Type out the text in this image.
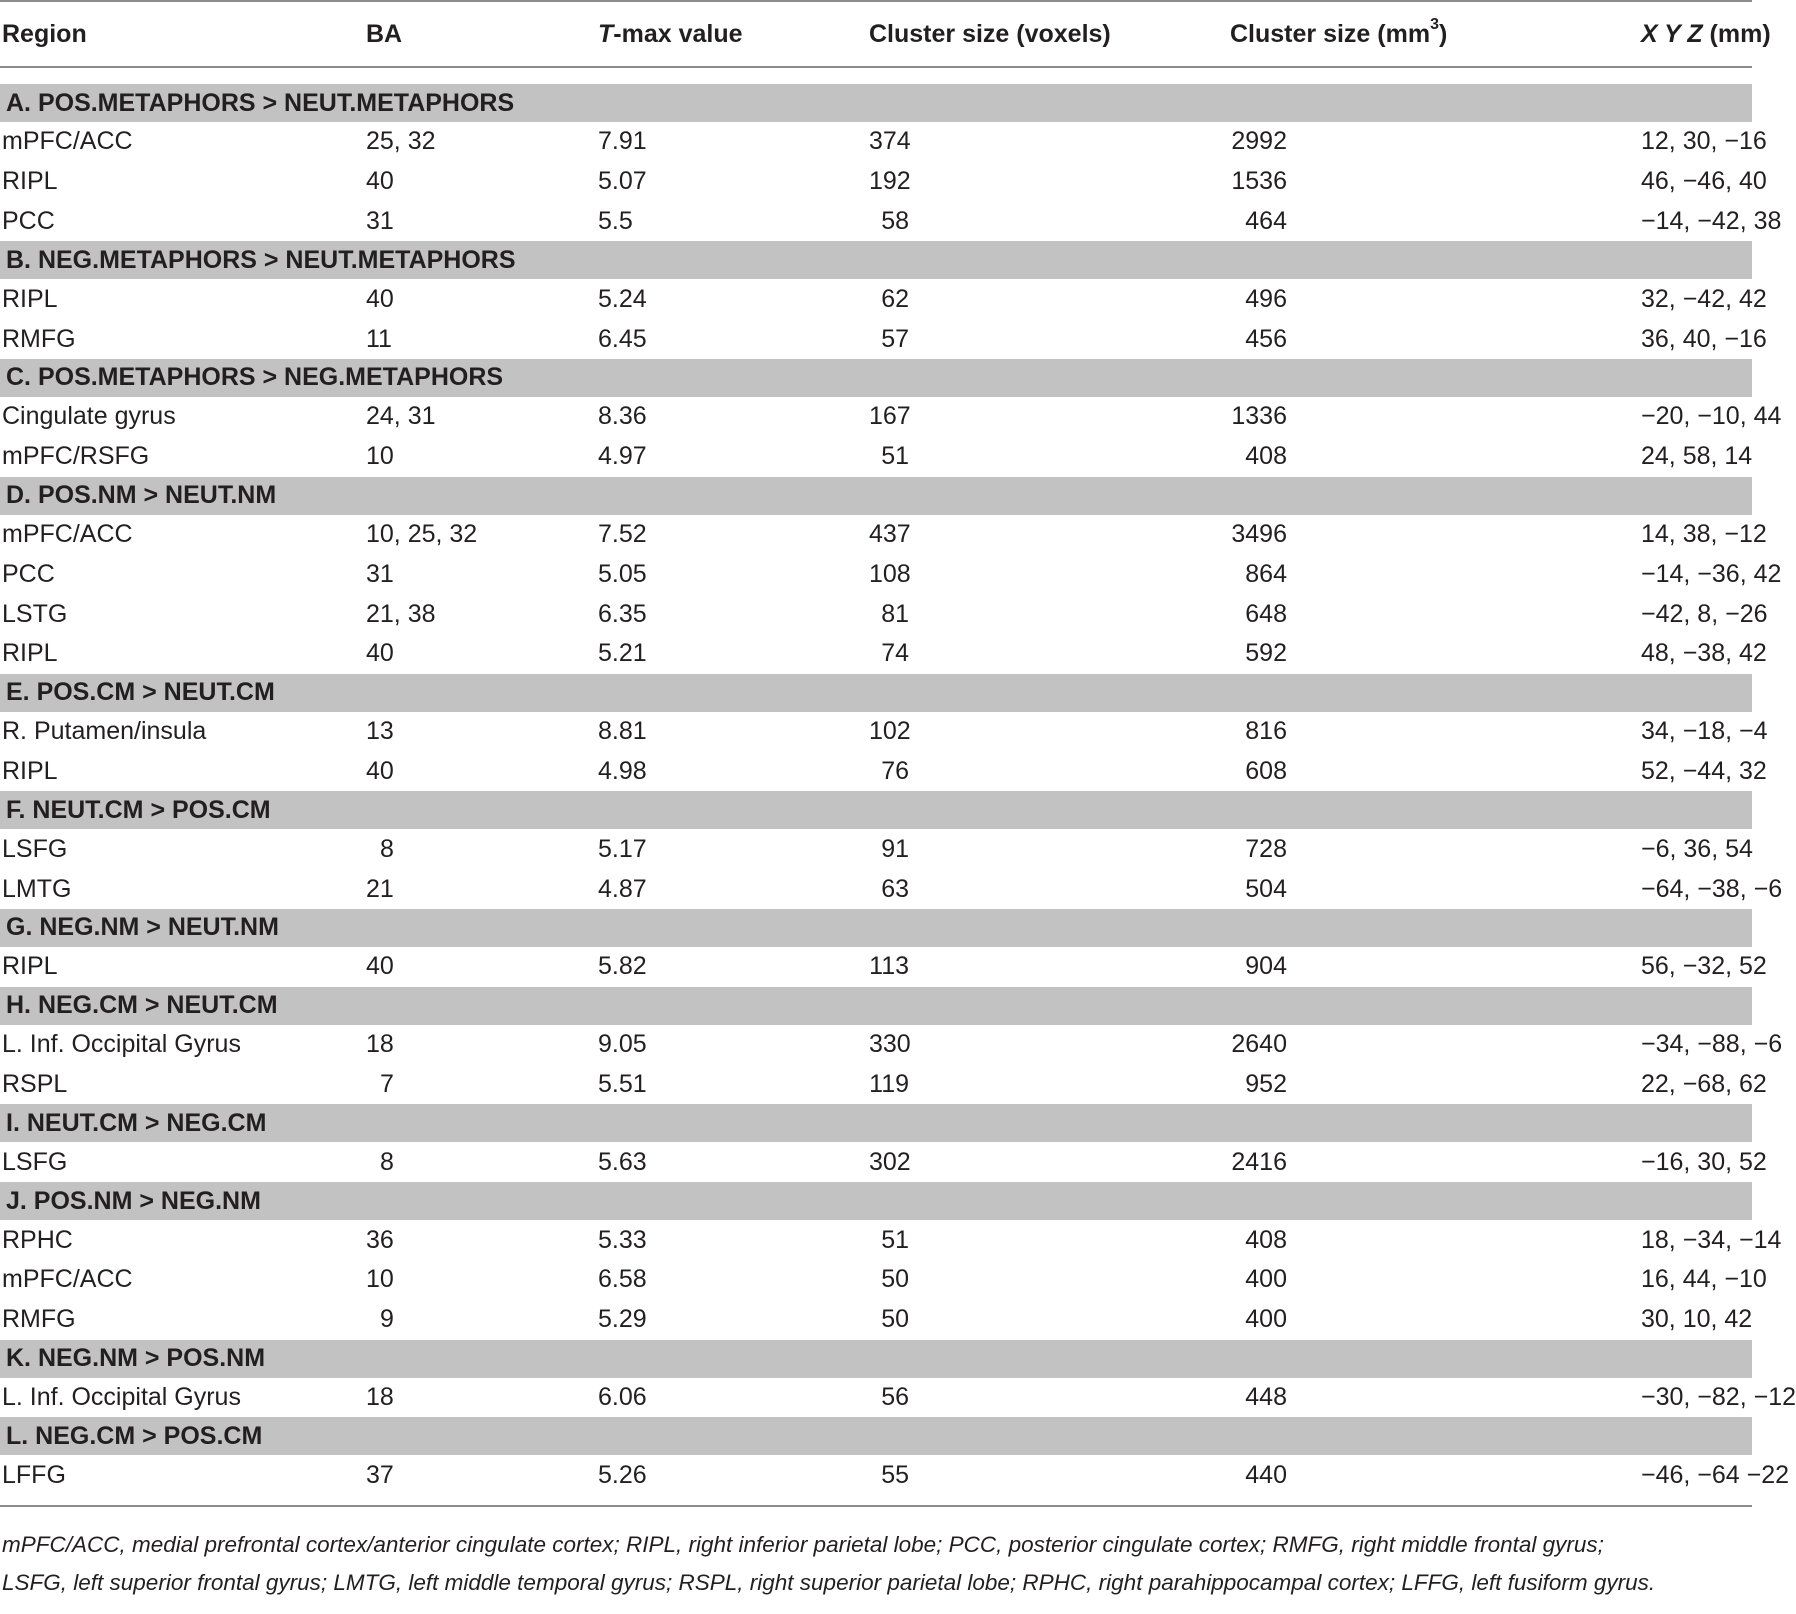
Region	BA	T-max value	Cluster size (voxels)	Cluster size $(mm^3)$	X Y Z (mm)

A. POS.METAPHORS > NEUT.METAPHORS					
mPFC/ACC	25, 32	7.91	374	2992	12, 30, −16
RIPL	40	5.07	192	1536	46, −46, 40
PCC	31	5.5	58	464	−14, −42, 38
B. NEG.METAPHORS > NEUT.METAPHORS					
RIPL	40	5.24	62	496	32, −42, 42
RMFG	11	6.45	57	456	36, 40, −16
C. POS.METAPHORS > NEG.METAPHORS					
Cingulate gyrus	24, 31	8.36	167	1336	−20, −10, 44
mPFC/RSFG	10	4.97	51	408	24, 58, 14
D. POS.NM > NEUT.NM					
mPFC/ACC	10, 25, 32	7.52	437	3496	14, 38, −12
PCC	31	5.05	108	864	−14, −36, 42
LSTG	21, 38	6.35	81	648	−42, 8, −26
RIPL	40	5.21	74	592	48, −38, 42
E. POS.CM > NEUT.CM					
R. Putamen/insula	13	8.81	102	816	34, −18, −4
RIPL	40	4.98	76	608	52, −44, 32
F. NEUT.CM > POS.CM					
LSFG	8	5.17	91	728	−6, 36, 54
LMTG	21	4.87	63	504	−64, −38, −6
G. NEG.NM > NEUT.NM					
RIPL	40	5.82	113	904	56, −32, 52
H. NEG.CM > NEUT.CM					
L. Inf. Occipital Gyrus	18	9.05	330	2640	−34, −88, −6
RSPL	7	5.51	119	952	22, −68, 62
I. NEUT.CM > NEG.CM					
LSFG	8	5.63	302	2416	−16, 30, 52
J. POS.NM > NEG.NM					
RPHC	36	5.33	51	408	18, −34, −14
mPFC/ACC	10	6.58	50	400	16, 44, −10
RMFG	9	5.29	50	400	30, 10, 42
K. NEG.NM > POS.NM					
L. Inf. Occipital Gyrus	18	6.06	56	448	−30, −82, −12
L. NEG.CM > POS.CM					
LFFG	37	5.26	55	440	−46, −64 −22
mPFC/ACC, medial prefrontal cortex/anterior cingulate cortex; RIPL, right inferior parietal lobe; PCC, posterior cingulate cortex; RMFG, right middle frontal gyrus;
LSFG, left superior frontal gyrus; LMTG, left middle temporal gyrus; RSPL, right superior parietal lobe; RPHC, right parahippocampal cortex; LFFG, left fusiform gyrus.
